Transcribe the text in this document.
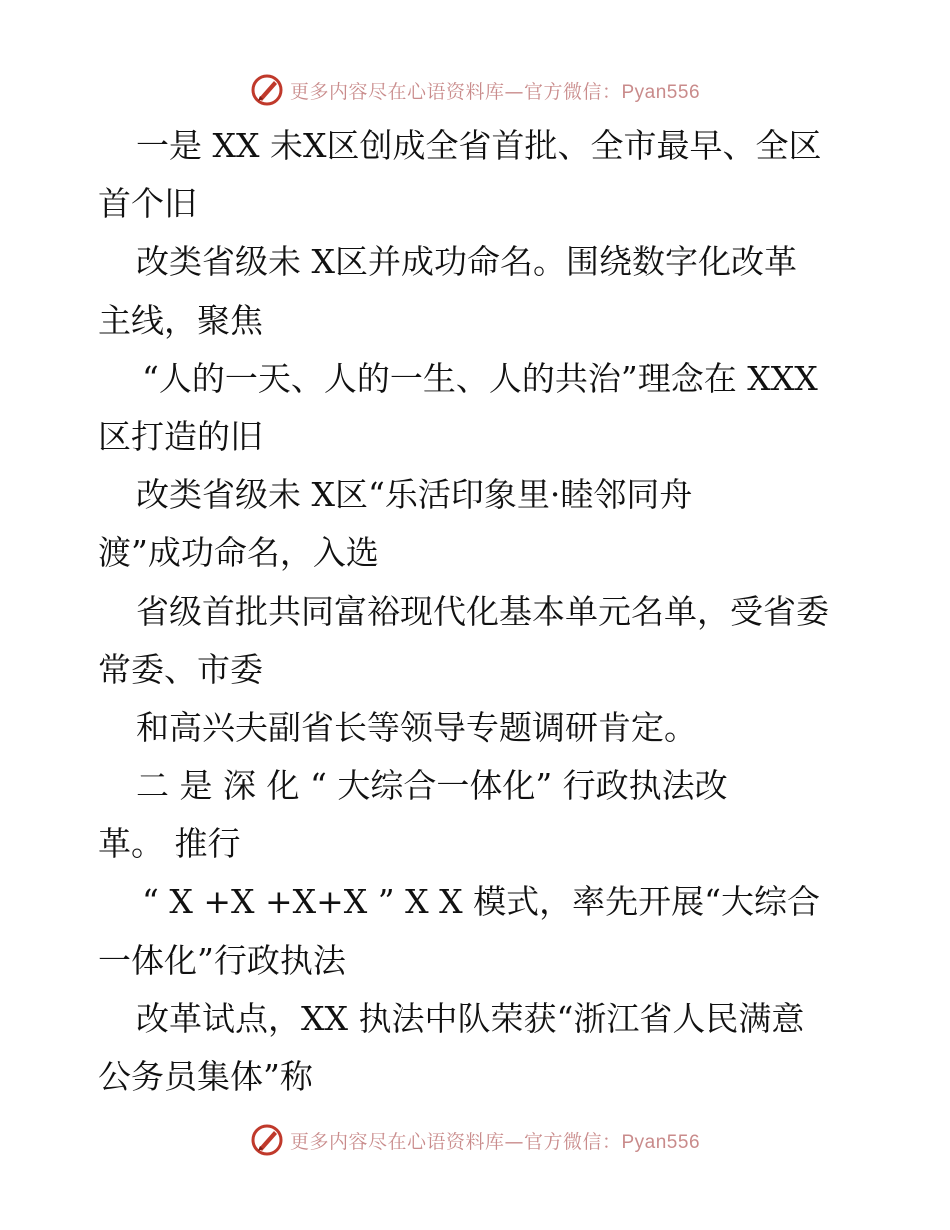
更多内容尽在心语资料库—官方微信：Pyan556
一是 XX 未X区创成全省首批、全市最早、全区
首个旧
改类省级未 X区并成功命名。围绕数字化改革
主线，聚焦
“人的一天、人的一生、人的共治”理念在 XXX
区打造的旧
改类省级未 X区“乐活印象里·睦邻同舟
渡”成功命名，入选
省级首批共同富裕现代化基本单元名单，受省委
常委、市委
和高兴夫副省长等领导专题调研肯定。
二 是 深 化 “ 大综合一体化” 行政执法改
革。 推行
“ X +X +X+X ” X X 模式，率先开展“大综合
一体化”行政执法
改革试点，XX 执法中队荣获“浙江省人民满意
公务员集体”称
更多内容尽在心语资料库—官方微信：Pyan556
